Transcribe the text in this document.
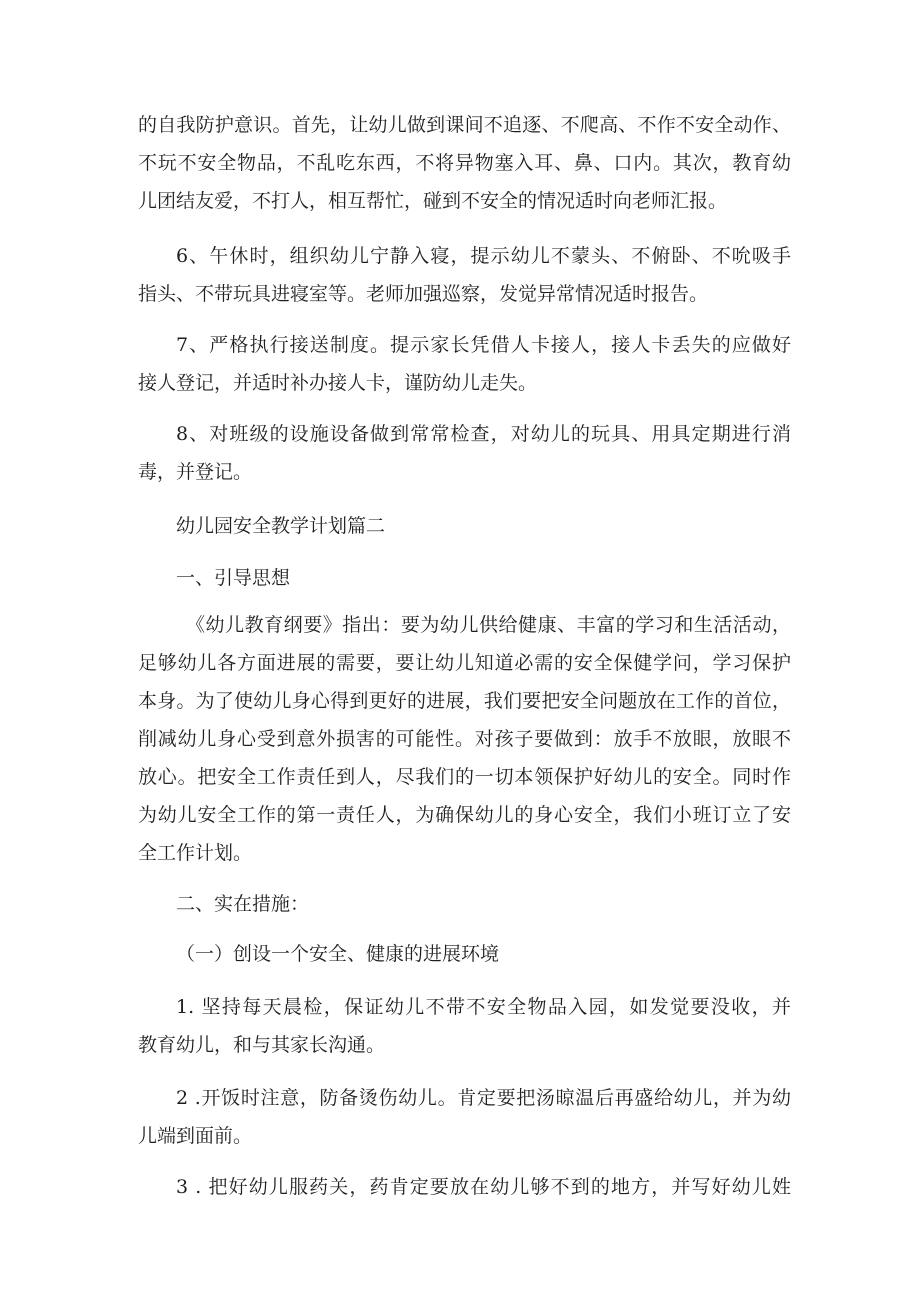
的自我防护意识。首先，让幼儿做到课间不追逐、不爬高、不作不安全动作、
不玩不安全物品，不乱吃东西，不将异物塞入耳、鼻、口内。其次，教育幼
儿团结友爱，不打人，相互帮忙，碰到不安全的情况适时向老师汇报。
6、午休时，组织幼儿宁静入寝，提示幼儿不蒙头、不俯卧、不吮吸手
指头、不带玩具进寝室等。老师加强巡察，发觉异常情况适时报告。
7、严格执行接送制度。提示家长凭借人卡接人，接人卡丢失的应做好
接人登记，并适时补办接人卡，谨防幼儿走失。
8、对班级的设施设备做到常常检查，对幼儿的玩具、用具定期进行消
毒，并登记。
幼儿园安全教学计划篇二
一、引导思想
《幼儿教育纲要》指出：要为幼儿供给健康、丰富的学习和生活活动，
足够幼儿各方面进展的需要，要让幼儿知道必需的安全保健学问，学习保护
本身。为了使幼儿身心得到更好的进展，我们要把安全问题放在工作的首位，
削减幼儿身心受到意外损害的可能性。对孩子要做到：放手不放眼，放眼不
放心。把安全工作责任到人，尽我们的一切本领保护好幼儿的安全。同时作
为幼儿安全工作的第一责任人，为确保幼儿的身心安全，我们小班订立了安
全工作计划。
二、实在措施：
（一）创设一个安全、健康的进展环境
1. 坚持每天晨检，保证幼儿不带不安全物品入园，如发觉要没收，并
教育幼儿，和与其家长沟通。
2 .开饭时注意，防备烫伤幼儿。肯定要把汤晾温后再盛给幼儿，并为幼
儿端到面前。
3 . 把好幼儿服药关，药肯定要放在幼儿够不到的地方，并写好幼儿姓
